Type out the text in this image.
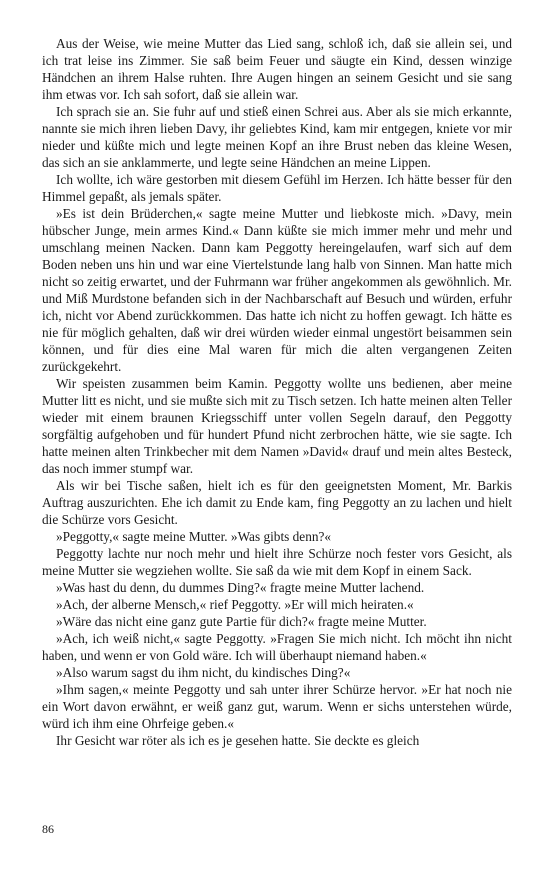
Aus der Weise, wie meine Mutter das Lied sang, schloß ich, daß sie allein sei, und ich trat leise ins Zimmer. Sie saß beim Feuer und säugte ein Kind, dessen winzige Händchen an ihrem Halse ruhten. Ihre Augen hingen an seinem Gesicht und sie sang ihm etwas vor. Ich sah sofort, daß sie allein war.

Ich sprach sie an. Sie fuhr auf und stieß einen Schrei aus. Aber als sie mich erkannte, nannte sie mich ihren lieben Davy, ihr geliebtes Kind, kam mir entgegen, kniete vor mir nieder und küßte mich und legte meinen Kopf an ihre Brust neben das kleine Wesen, das sich an sie anklammerte, und legte seine Händchen an meine Lippen.

Ich wollte, ich wäre gestorben mit diesem Gefühl im Herzen. Ich hätte besser für den Himmel gepaßt, als jemals später.

»Es ist dein Brüderchen,« sagte meine Mutter und liebkoste mich. »Davy, mein hübscher Junge, mein armes Kind.« Dann küßte sie mich immer mehr und mehr und umschlang meinen Nacken. Dann kam Peggotty hereingelaufen, warf sich auf dem Boden neben uns hin und war eine Viertelstunde lang halb von Sinnen. Man hatte mich nicht so zeitig erwartet, und der Fuhrmann war früher angekommen als gewöhnlich. Mr. und Miß Murdstone befanden sich in der Nachbarschaft auf Besuch und würden, erfuhr ich, nicht vor Abend zurückkommen. Das hatte ich nicht zu hoffen gewagt. Ich hätte es nie für möglich gehalten, daß wir drei würden wieder einmal ungestört beisammen sein können, und für dies eine Mal waren für mich die alten vergangenen Zeiten zurückgekehrt.

Wir speisten zusammen beim Kamin. Peggotty wollte uns bedienen, aber meine Mutter litt es nicht, und sie mußte sich mit zu Tisch setzen. Ich hatte meinen alten Teller wieder mit einem braunen Kriegsschiff unter vollen Segeln darauf, den Peggotty sorgfältig aufgehoben und für hundert Pfund nicht zerbrochen hätte, wie sie sagte. Ich hatte meinen alten Trinkbecher mit dem Namen »David« drauf und mein altes Besteck, das noch immer stumpf war.

Als wir bei Tische saßen, hielt ich es für den geeignetsten Moment, Mr. Barkis Auftrag auszurichten. Ehe ich damit zu Ende kam, fing Peggotty an zu lachen und hielt die Schürze vors Gesicht.

»Peggotty,« sagte meine Mutter. »Was gibts denn?«

Peggotty lachte nur noch mehr und hielt ihre Schürze noch fester vors Gesicht, als meine Mutter sie wegziehen wollte. Sie saß da wie mit dem Kopf in einem Sack.

»Was hast du denn, du dummes Ding?« fragte meine Mutter lachend.

»Ach, der alberne Mensch,« rief Peggotty. »Er will mich heiraten.«

»Wäre das nicht eine ganz gute Partie für dich?« fragte meine Mutter.

»Ach, ich weiß nicht,« sagte Peggotty. »Fragen Sie mich nicht. Ich möcht ihn nicht haben, und wenn er von Gold wäre. Ich will überhaupt niemand haben.«

»Also warum sagst du ihm nicht, du kindisches Ding?«

»Ihm sagen,« meinte Peggotty und sah unter ihrer Schürze hervor. »Er hat noch nie ein Wort davon erwähnt, er weiß ganz gut, warum. Wenn er sichs unterstehen würde, würd ich ihm eine Ohrfeige geben.«

Ihr Gesicht war röter als ich es je gesehen hatte. Sie deckte es gleich

86
